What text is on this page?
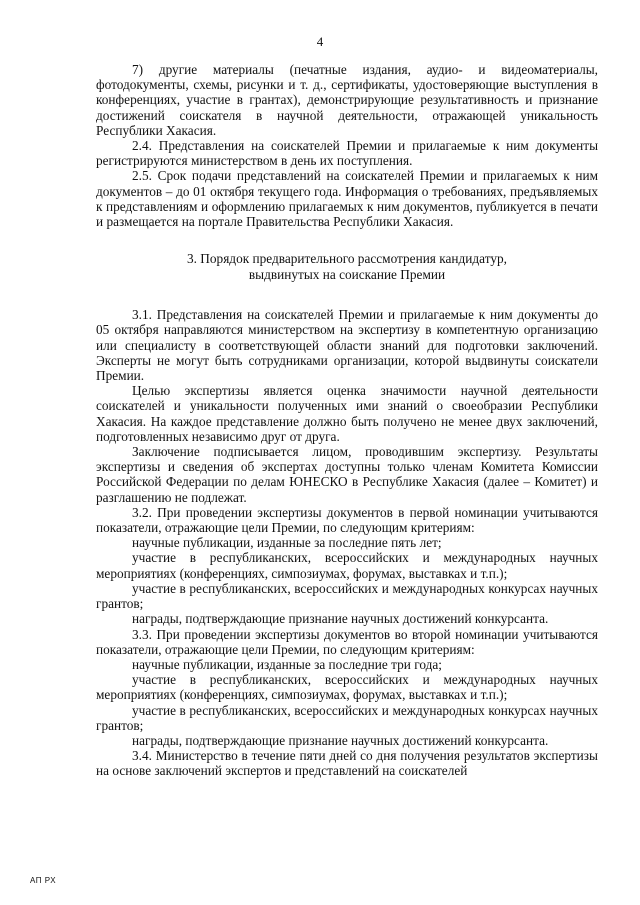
4

7) другие материалы (печатные издания, аудио- и видеоматериалы, фотодокументы, схемы, рисунки и т. д., сертификаты, удостоверяющие выступления в конференциях, участие в грантах), демонстрирующие результативность и признание достижений соискателя в научной деятельности, отражающей уникальность Республики Хакасия.

2.4. Представления на соискателей Премии и прилагаемые к ним документы регистрируются министерством в день их поступления.

2.5. Срок подачи представлений на соискателей Премии и прилагаемых к ним документов – до 01 октября текущего года. Информация о требованиях, предъявляемых к представлениям и оформлению прилагаемых к ним документов, публикуется в печати и размещается на портале Правительства Республики Хакасия.

3. Порядок предварительного рассмотрения кандидатур,
выдвинутых на соискание Премии

3.1. Представления на соискателей Премии и прилагаемые к ним документы до 05 октября направляются министерством на экспертизу в компетентную организацию или специалисту в соответствующей области знаний для подготовки заключений. Эксперты не могут быть сотрудниками организации, которой выдвинуты соискатели Премии.

Целью экспертизы является оценка значимости научной деятельности соискателей и уникальности полученных ими знаний о своеобразии Республики Хакасия. На каждое представление должно быть получено не менее двух заключений, подготовленных независимо друг от друга.

Заключение подписывается лицом, проводившим экспертизу. Результаты экспертизы и сведения об экспертах доступны только членам Комитета Комиссии Российской Федерации по делам ЮНЕСКО в Республике Хакасия (далее – Комитет) и разглашению не подлежат.

3.2. При проведении экспертизы документов в первой номинации учитываются показатели, отражающие цели Премии, по следующим критериям:

научные публикации, изданные за последние пять лет;

участие в республиканских, всероссийских и международных научных мероприятиях (конференциях, симпозиумах, форумах, выставках и т.п.);

участие в республиканских, всероссийских и международных конкурсах научных грантов;

награды, подтверждающие признание научных достижений конкурсанта.

3.3. При проведении экспертизы документов во второй номинации учитываются показатели, отражающие цели Премии, по следующим критериям:

научные публикации, изданные за последние три года;

участие в республиканских, всероссийских и международных научных мероприятиях (конференциях, симпозиумах, форумах, выставках и т.п.);

участие в республиканских, всероссийских и международных конкурсах научных грантов;

награды, подтверждающие признание научных достижений конкурсанта.

3.4. Министерство в течение пяти дней со дня получения результатов экспертизы на основе заключений экспертов и представлений на соискателей

АП РХ
